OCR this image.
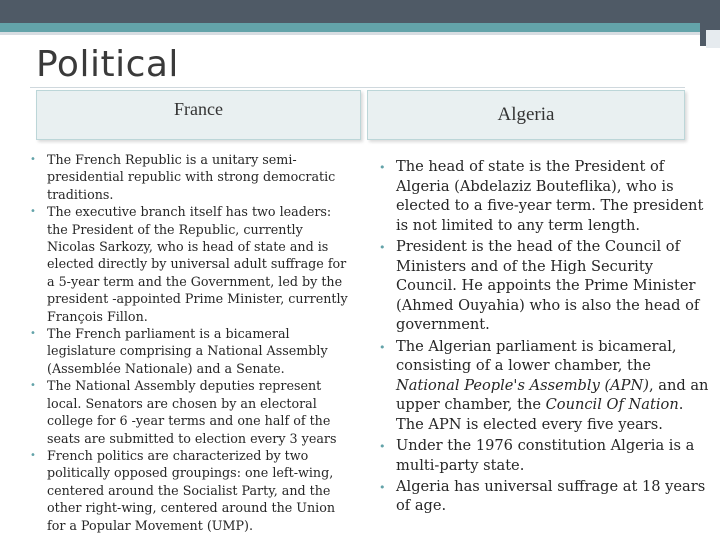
Political
France	Algeria
• The French Republic is a unitary semi-presidential republic with strong democratic traditions.
• The executive branch itself has two leaders: the President of the Republic, currently Nicolas Sarkozy, who is head of state and is elected directly by universal adult suffrage for a 5-year term and the Government, led by the president -appointed Prime Minister, currently François Fillon.
• The French parliament is a bicameral legislature comprising a National Assembly (Assemblée Nationale) and a Senate.
• The National Assembly deputies represent local. Senators are chosen by an electoral college for 6 -year terms and one half of the seats are submitted to election every 3 years
• French politics are characterized by two politically opposed groupings: one left-wing, centered around the Socialist Party, and the other right-wing, centered around the Union for a Popular Movement (UMP).
• The head of state is the President of Algeria (Abdelaziz Bouteflika), who is elected to a five-year term. The president is not limited to any term length.
• President is the head of the Council of Ministers and of the High Security Council. He appoints the Prime Minister (Ahmed Ouyahia) who is also the head of government.
• The Algerian parliament is bicameral, consisting of a lower chamber, the National People's Assembly (APN), and an upper chamber, the Council Of Nation. The APN is elected every five years.
• Under the 1976 constitution Algeria is a multi-party state.
• Algeria has universal suffrage at 18 years of age.
